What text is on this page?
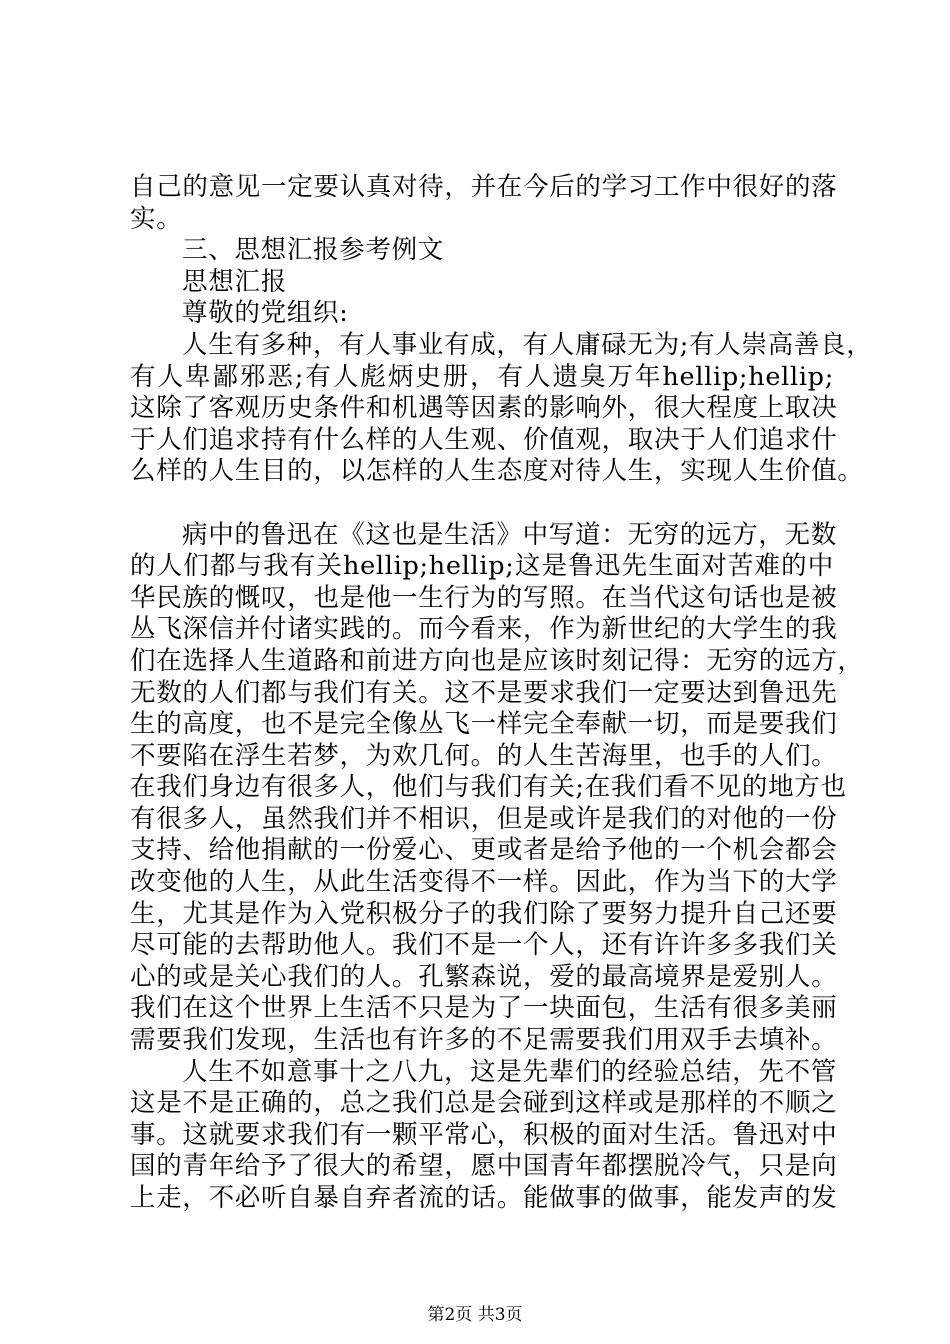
自己的意见一定要认真对待，并在今后的学习工作中很好的落
实。
三、思想汇报参考例文
思想汇报
尊敬的党组织:
人生有多种，有人事业有成，有人庸碌无为;有人崇高善良，
有人卑鄙邪恶;有人彪炳史册，有人遗臭万年hellip;hellip;
这除了客观历史条件和机遇等因素的影响外，很大程度上取决
于人们追求持有什么样的人生观、价值观，取决于人们追求什
么样的人生目的，以怎样的人生态度对待人生，实现人生价值。
病中的鲁迅在《这也是生活》中写道：无穷的远方，无数
的人们都与我有关hellip;hellip;这是鲁迅先生面对苦难的中
华民族的慨叹，也是他一生行为的写照。在当代这句话也是被
丛飞深信并付诸实践的。而今看来，作为新世纪的大学生的我
们在选择人生道路和前进方向也是应该时刻记得：无穷的远方，
无数的人们都与我们有关。这不是要求我们一定要达到鲁迅先
生的高度，也不是完全像丛飞一样完全奉献一切，而是要我们
不要陷在浮生若梦，为欢几何。的人生苦海里，也手的人们。
在我们身边有很多人，他们与我们有关;在我们看不见的地方也
有很多人，虽然我们并不相识，但是或许是我们的对他的一份
支持、给他捐献的一份爱心、更或者是给予他的一个机会都会
改变他的人生，从此生活变得不一样。因此，作为当下的大学
生，尤其是作为入党积极分子的我们除了要努力提升自己还要
尽可能的去帮助他人。我们不是一个人，还有许许多多我们关
心的或是关心我们的人。孔繁森说，爱的最高境界是爱别人。
我们在这个世界上生活不只是为了一块面包，生活有很多美丽
需要我们发现，生活也有许多的不足需要我们用双手去填补。
人生不如意事十之八九，这是先辈们的经验总结，先不管
这是不是正确的，总之我们总是会碰到这样或是那样的不顺之
事。这就要求我们有一颗平常心，积极的面对生活。鲁迅对中
国的青年给予了很大的希望，愿中国青年都摆脱冷气，只是向
上走，不必听自暴自弃者流的话。能做事的做事，能发声的发
第2页 共3页
